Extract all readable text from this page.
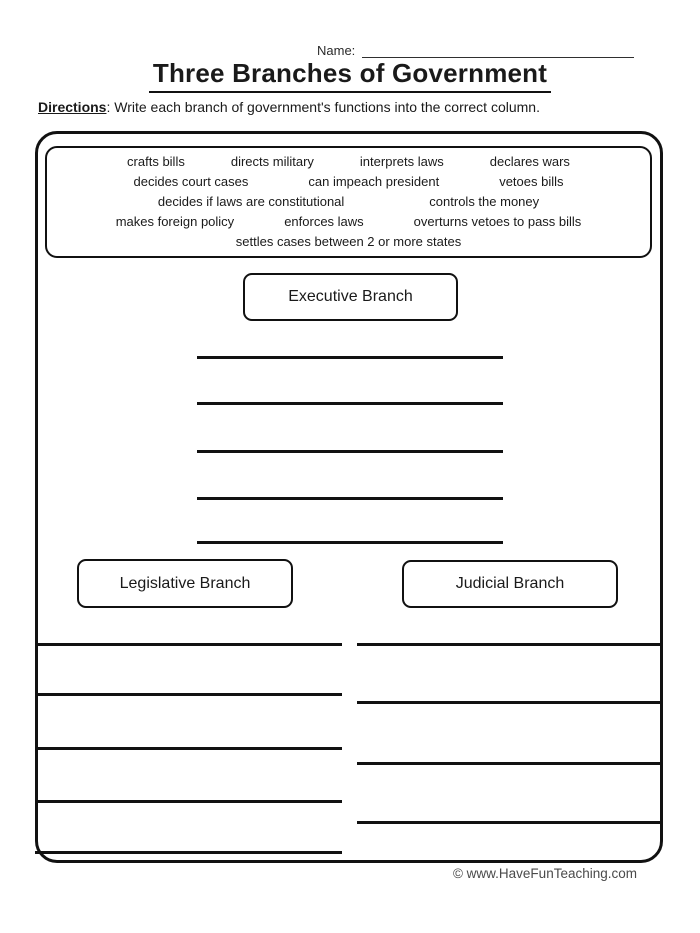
Name:
Three Branches of Government
Directions: Write each branch of government's functions into the correct column.
crafts bills	directs military	interprets laws	declares wars
decides court cases	can impeach president	vetoes bills
decides if laws are constitutional	controls the money
makes foreign policy	enforces laws	overturns vetoes to pass bills
settles cases between 2 or more states
Executive Branch
Legislative Branch	Judicial Branch
© www.HaveFunTeaching.com
